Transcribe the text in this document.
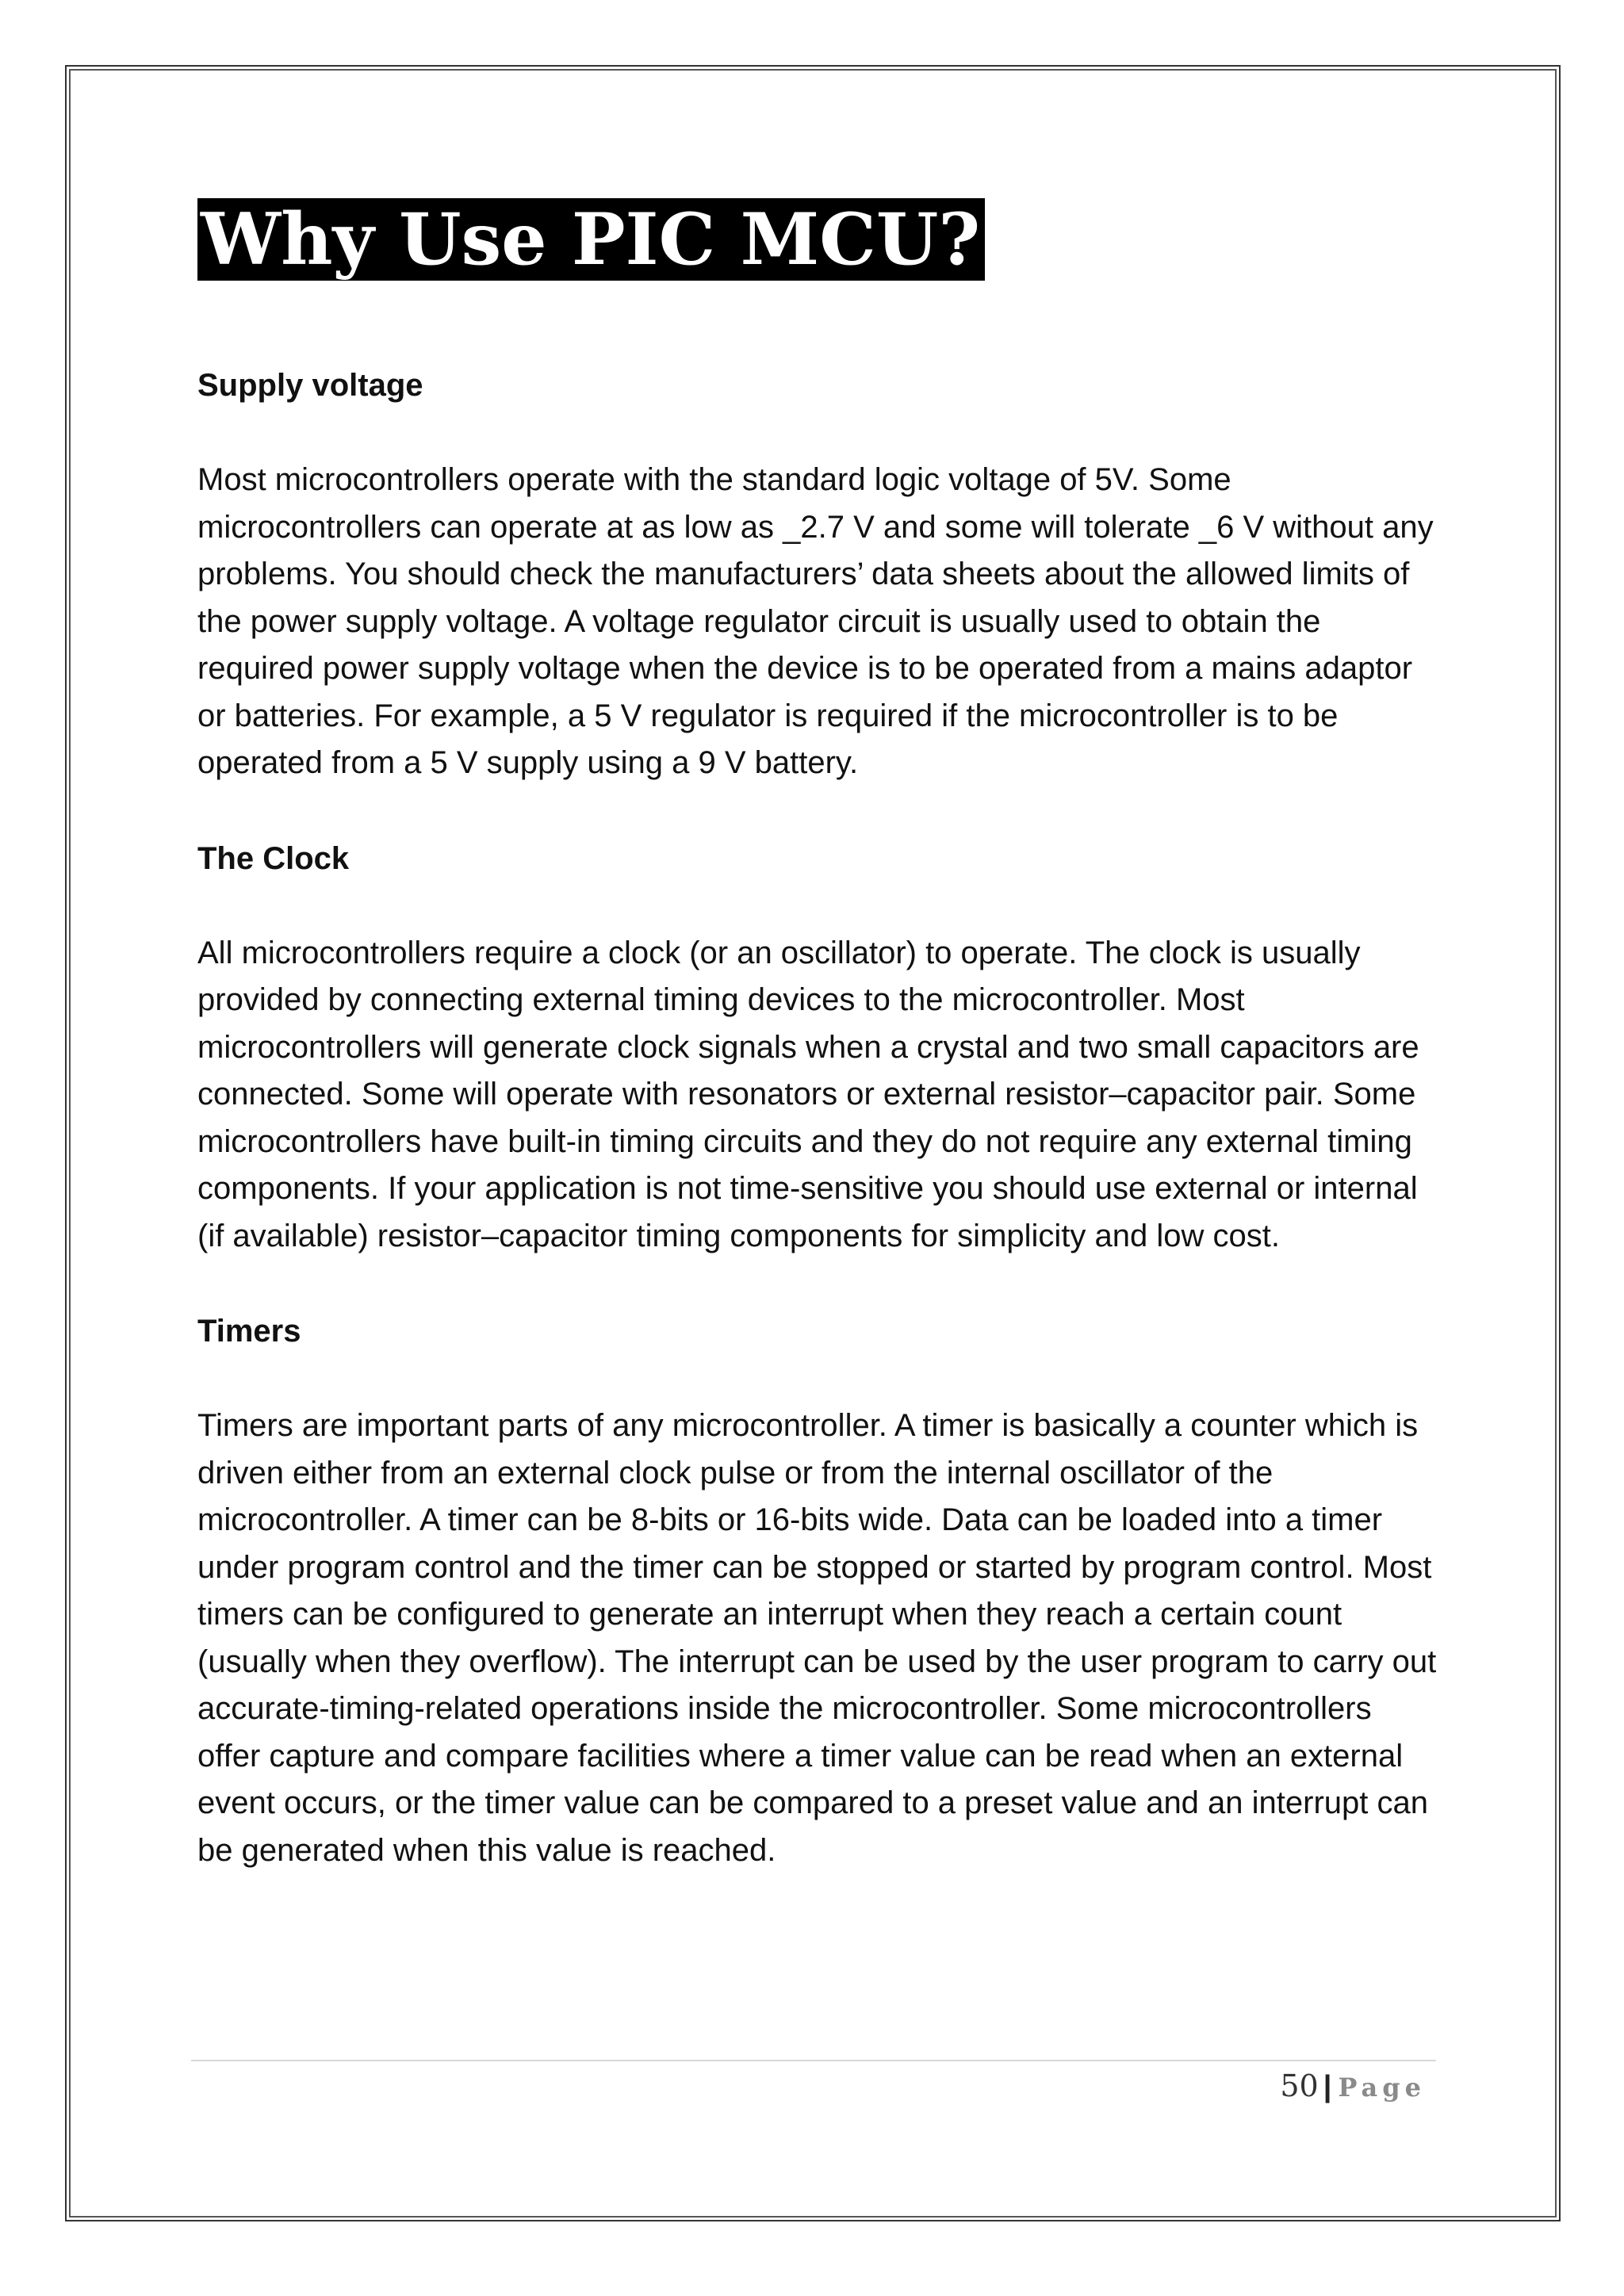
Why Use PIC MCU?
Supply voltage

Most microcontrollers operate with the standard logic voltage of 5V. Some microcontrollers can operate at as low as _2.7 V and some will tolerate _6 V without any problems. You should check the manufacturers’ data sheets about the allowed limits of the power supply voltage. A voltage regulator circuit is usually used to obtain the required power supply voltage when the device is to be operated from a mains adaptor or batteries. For example, a 5 V regulator is required if the microcontroller is to be operated from a 5 V supply using a 9 V battery.

The Clock

All microcontrollers require a clock (or an oscillator) to operate. The clock is usually provided by connecting external timing devices to the microcontroller. Most microcontrollers will generate clock signals when a crystal and two small capacitors are connected. Some will operate with resonators or external resistor–capacitor pair. Some microcontrollers have built-in timing circuits and they do not require any external timing components. If your application is not time-sensitive you should use external or internal (if available) resistor–capacitor timing components for simplicity and low cost.

Timers

Timers are important parts of any microcontroller. A timer is basically a counter which is driven either from an external clock pulse or from the internal oscillator of the microcontroller. A timer can be 8-bits or 16-bits wide. Data can be loaded into a timer under program control and the timer can be stopped or started by program control. Most timers can be configured to generate an interrupt when they reach a certain count (usually when they overflow). The interrupt can be used by the user program to carry out accurate-timing-related operations inside the microcontroller. Some microcontrollers offer capture and compare facilities where a timer value can be read when an external event occurs, or the timer value can be compared to a preset value and an interrupt can be generated when this value is reached.

50 | Page
